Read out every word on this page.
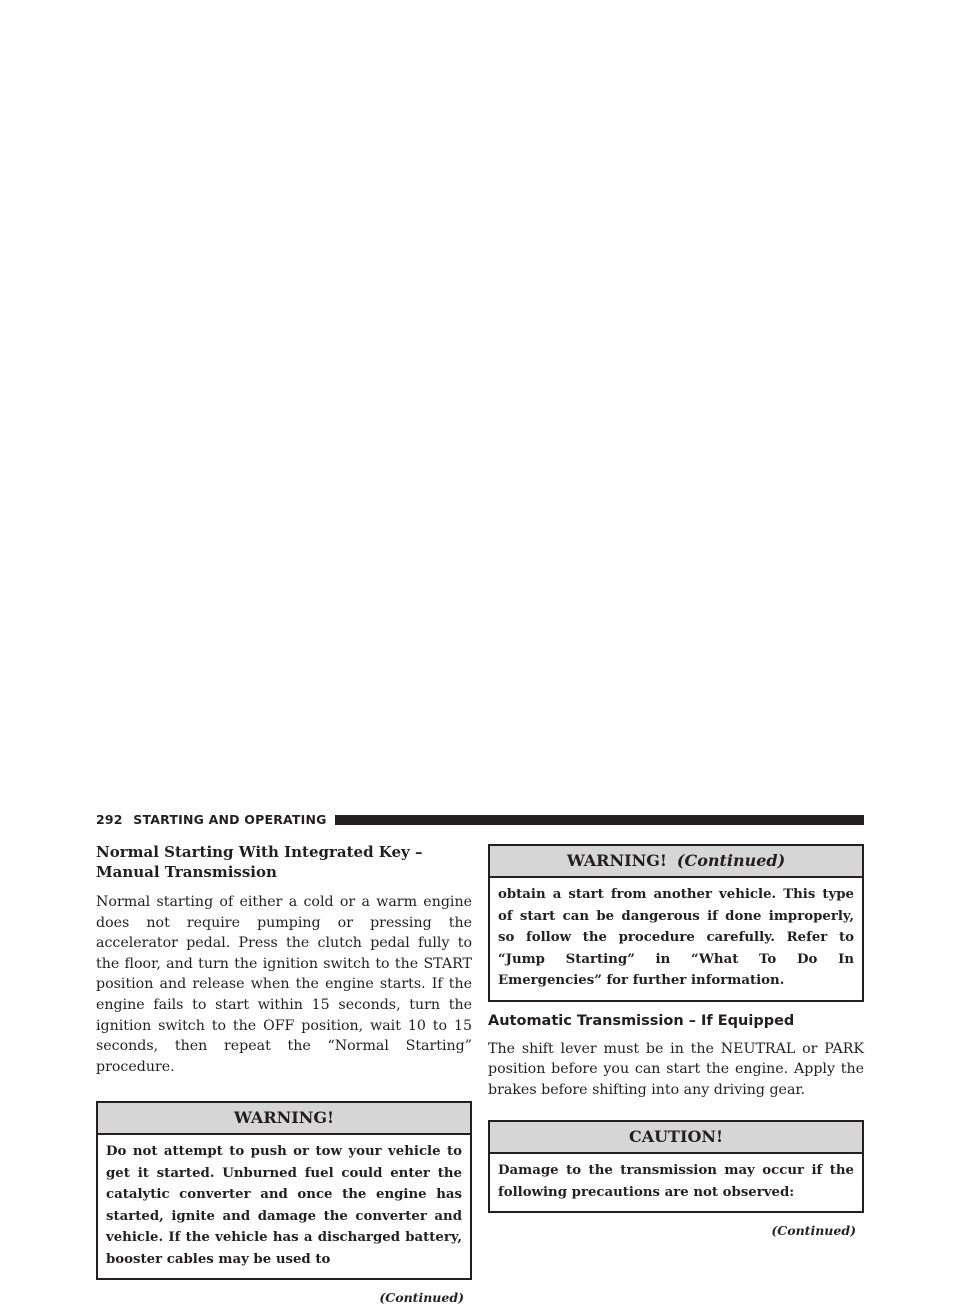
292 STARTING AND OPERATING
Normal Starting With Integrated Key – Manual Transmission

Normal starting of either a cold or a warm engine does not require pumping or pressing the accelerator pedal. Press the clutch pedal fully to the floor, and turn the ignition switch to the START position and release when the engine starts. If the engine fails to start within 15 seconds, turn the ignition switch to the OFF position, wait 10 to 15 seconds, then repeat the “Normal Starting” procedure.

WARNING!
Do not attempt to push or tow your vehicle to get it started. Unburned fuel could enter the catalytic converter and once the engine has started, ignite and damage the converter and vehicle. If the vehicle has a discharged battery, booster cables may be used to
(Continued)
WARNING! (Continued)
obtain a start from another vehicle. This type of start can be dangerous if done improperly, so follow the procedure carefully. Refer to “Jump Starting” in “What To Do In Emergencies” for further information.
Automatic Transmission – If Equipped

The shift lever must be in the NEUTRAL or PARK position before you can start the engine. Apply the brakes before shifting into any driving gear.

CAUTION!
Damage to the transmission may occur if the following precautions are not observed:
(Continued)
